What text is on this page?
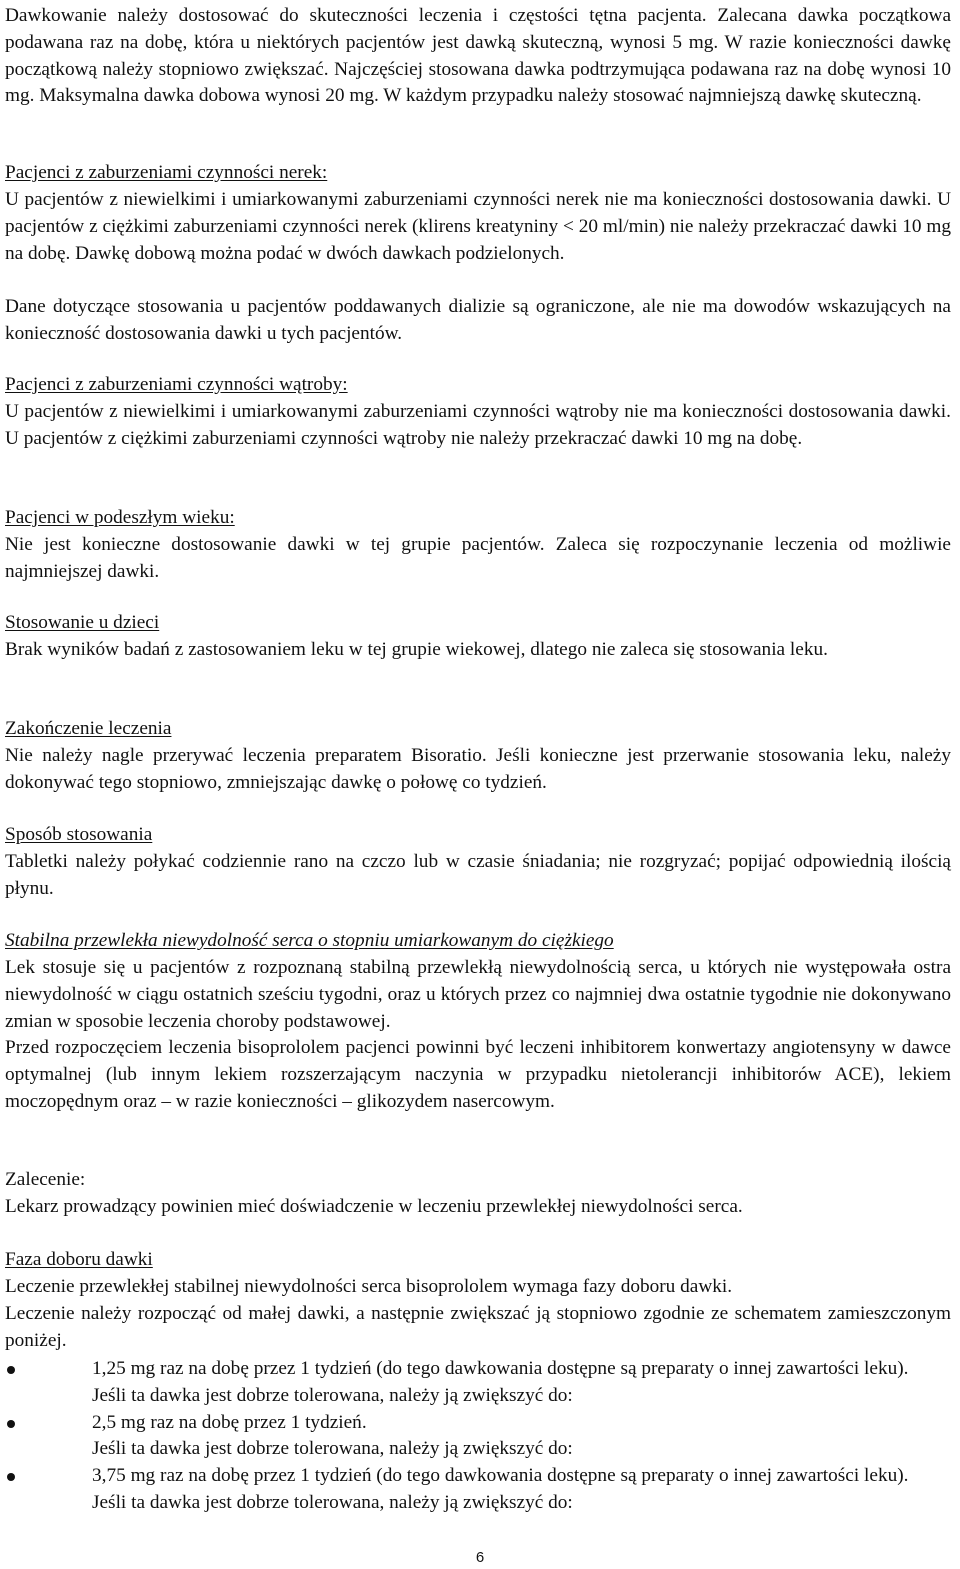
Dawkowanie należy dostosować do skuteczności leczenia i częstości tętna pacjenta. Zalecana dawka początkowa podawana raz na dobę, która u niektórych pacjentów jest dawką skuteczną, wynosi 5 mg. W razie konieczności dawkę początkową należy stopniowo zwiększać. Najczęściej stosowana dawka podtrzymująca podawana raz na dobę wynosi 10 mg. Maksymalna dawka dobowa wynosi 20 mg. W każdym przypadku należy stosować najmniejszą dawkę skuteczną.

Pacjenci z zaburzeniami czynności nerek:

U pacjentów z niewielkimi i umiarkowanymi zaburzeniami czynności nerek nie ma konieczności dostosowania dawki. U pacjentów z ciężkimi zaburzeniami czynności nerek (klirens kreatyniny < 20 ml/min) nie należy przekraczać dawki 10 mg na dobę. Dawkę dobową można podać w dwóch dawkach podzielonych.

Dane dotyczące stosowania u pacjentów poddawanych dializie są ograniczone, ale nie ma dowodów wskazujących na konieczność dostosowania dawki u tych pacjentów.

Pacjenci z zaburzeniami czynności wątroby:

U pacjentów z niewielkimi i umiarkowanymi zaburzeniami czynności wątroby nie ma konieczności dostosowania dawki. U pacjentów z ciężkimi zaburzeniami czynności wątroby nie należy przekraczać dawki 10 mg na dobę.

Pacjenci w podeszłym wieku:

Nie jest konieczne dostosowanie dawki w tej grupie pacjentów. Zaleca się rozpoczynanie leczenia od możliwie najmniejszej dawki.

Stosowanie u dzieci

Brak wyników badań z zastosowaniem leku w tej grupie wiekowej, dlatego nie zaleca się stosowania leku.

Zakończenie leczenia

Nie należy nagle przerywać leczenia preparatem Bisoratio. Jeśli konieczne jest przerwanie stosowania leku, należy dokonywać tego stopniowo, zmniejszając dawkę o połowę co tydzień.

Sposób stosowania

Tabletki należy połykać codziennie rano na czczo lub w czasie śniadania; nie rozgryzać; popijać odpowiednią ilością płynu.

Stabilna przewlekła niewydolność serca o stopniu umiarkowanym do ciężkiego

Lek stosuje się u pacjentów z rozpoznaną stabilną przewlekłą niewydolnością serca, u których nie występowała ostra niewydolność w ciągu ostatnich sześciu tygodni, oraz u których przez co najmniej dwa ostatnie tygodnie nie dokonywano zmian w sposobie leczenia choroby podstawowej.

Przed rozpoczęciem leczenia bisoprololem pacjenci powinni być leczeni inhibitorem konwertazy angiotensyny w dawce optymalnej (lub innym lekiem rozszerzającym naczynia w przypadku nietolerancji inhibitorów ACE), lekiem moczopędnym oraz – w razie konieczności – glikozydem nasercowym.

Zalecenie:

Lekarz prowadzący powinien mieć doświadczenie w leczeniu przewlekłej niewydolności serca.

Faza doboru dawki

Leczenie przewlekłej stabilnej niewydolności serca bisoprololem wymaga fazy doboru dawki.

Leczenie należy rozpocząć od małej dawki, a następnie zwiększać ją stopniowo zgodnie ze schematem zamieszczonym poniżej.

1,25 mg raz na dobę przez 1 tydzień (do tego dawkowania dostępne są preparaty o innej zawartości leku). Jeśli ta dawka jest dobrze tolerowana, należy ją zwiększyć do:
2,5 mg raz na dobę przez 1 tydzień.
Jeśli ta dawka jest dobrze tolerowana, należy ją zwiększyć do:
3,75 mg raz na dobę przez 1 tydzień (do tego dawkowania dostępne są preparaty o innej zawartości leku). Jeśli ta dawka jest dobrze tolerowana, należy ją zwiększyć do:
6
